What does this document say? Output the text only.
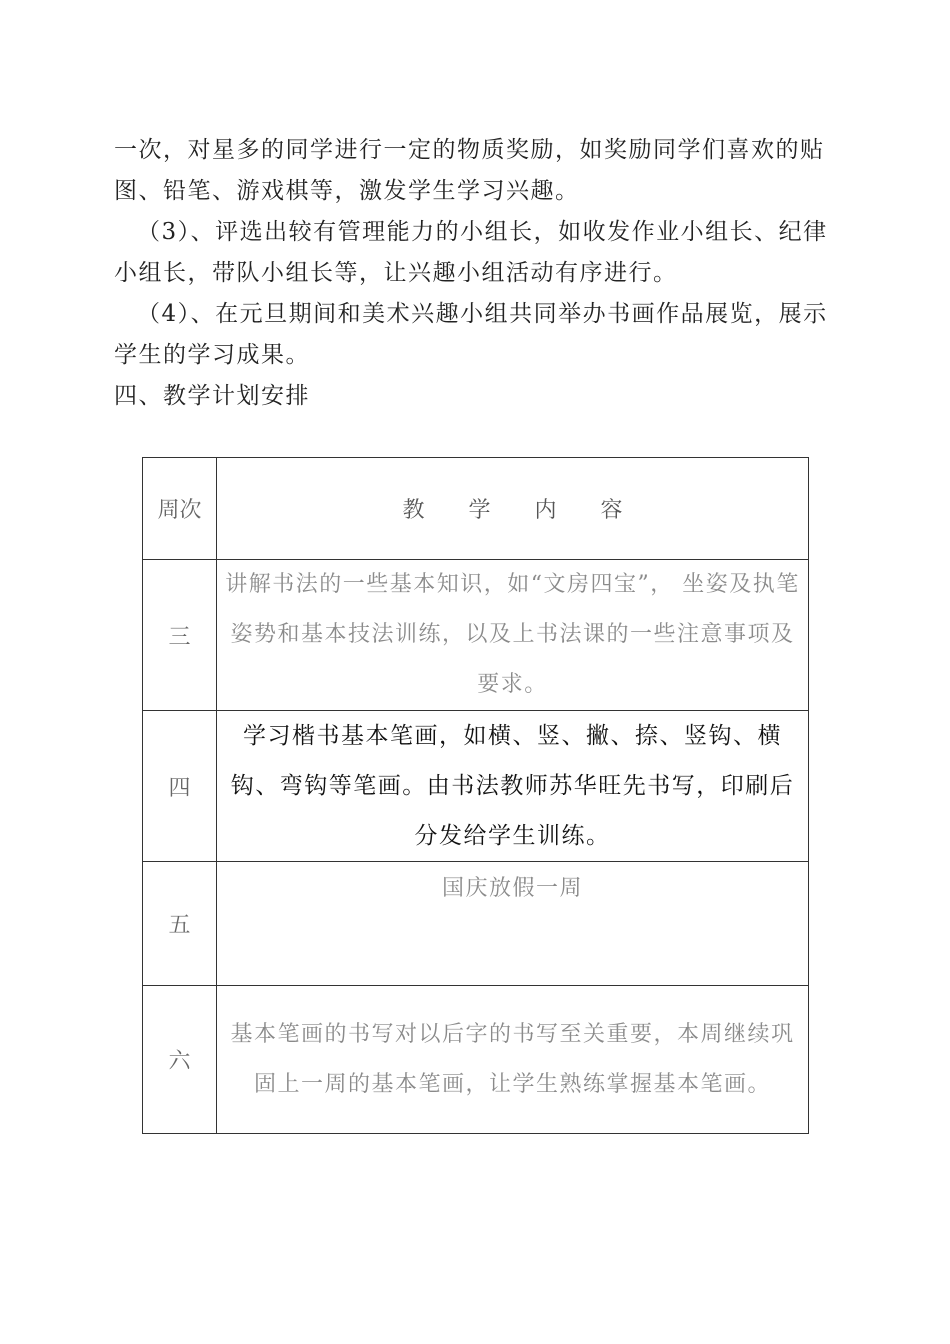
一次，对星多的同学进行一定的物质奖励，如奖励同学们喜欢的贴图、铅笔、游戏棋等，激发学生学习兴趣。

（3）、评选出较有管理能力的小组长，如收发作业小组长、纪律小组长，带队小组长等，让兴趣小组活动有序进行。

（4）、在元旦期间和美术兴趣小组共同举办书画作品展览，展示学生的学习成果。

四、教学计划安排

周次	教学内容
三	讲解书法的一些基本知识，如“文房四宝”， 坐姿及执笔姿势和基本技法训练，以及上书法课的一些注意事项及要求。
四	学习楷书基本笔画，如横、竖、撇、捺、竖钩、横钩、弯钩等笔画。由书法教师苏华旺先书写，印刷后分发给学生训练。
五	国庆放假一周
六	基本笔画的书写对以后字的书写至关重要，本周继续巩固上一周的基本笔画，让学生熟练掌握基本笔画。
